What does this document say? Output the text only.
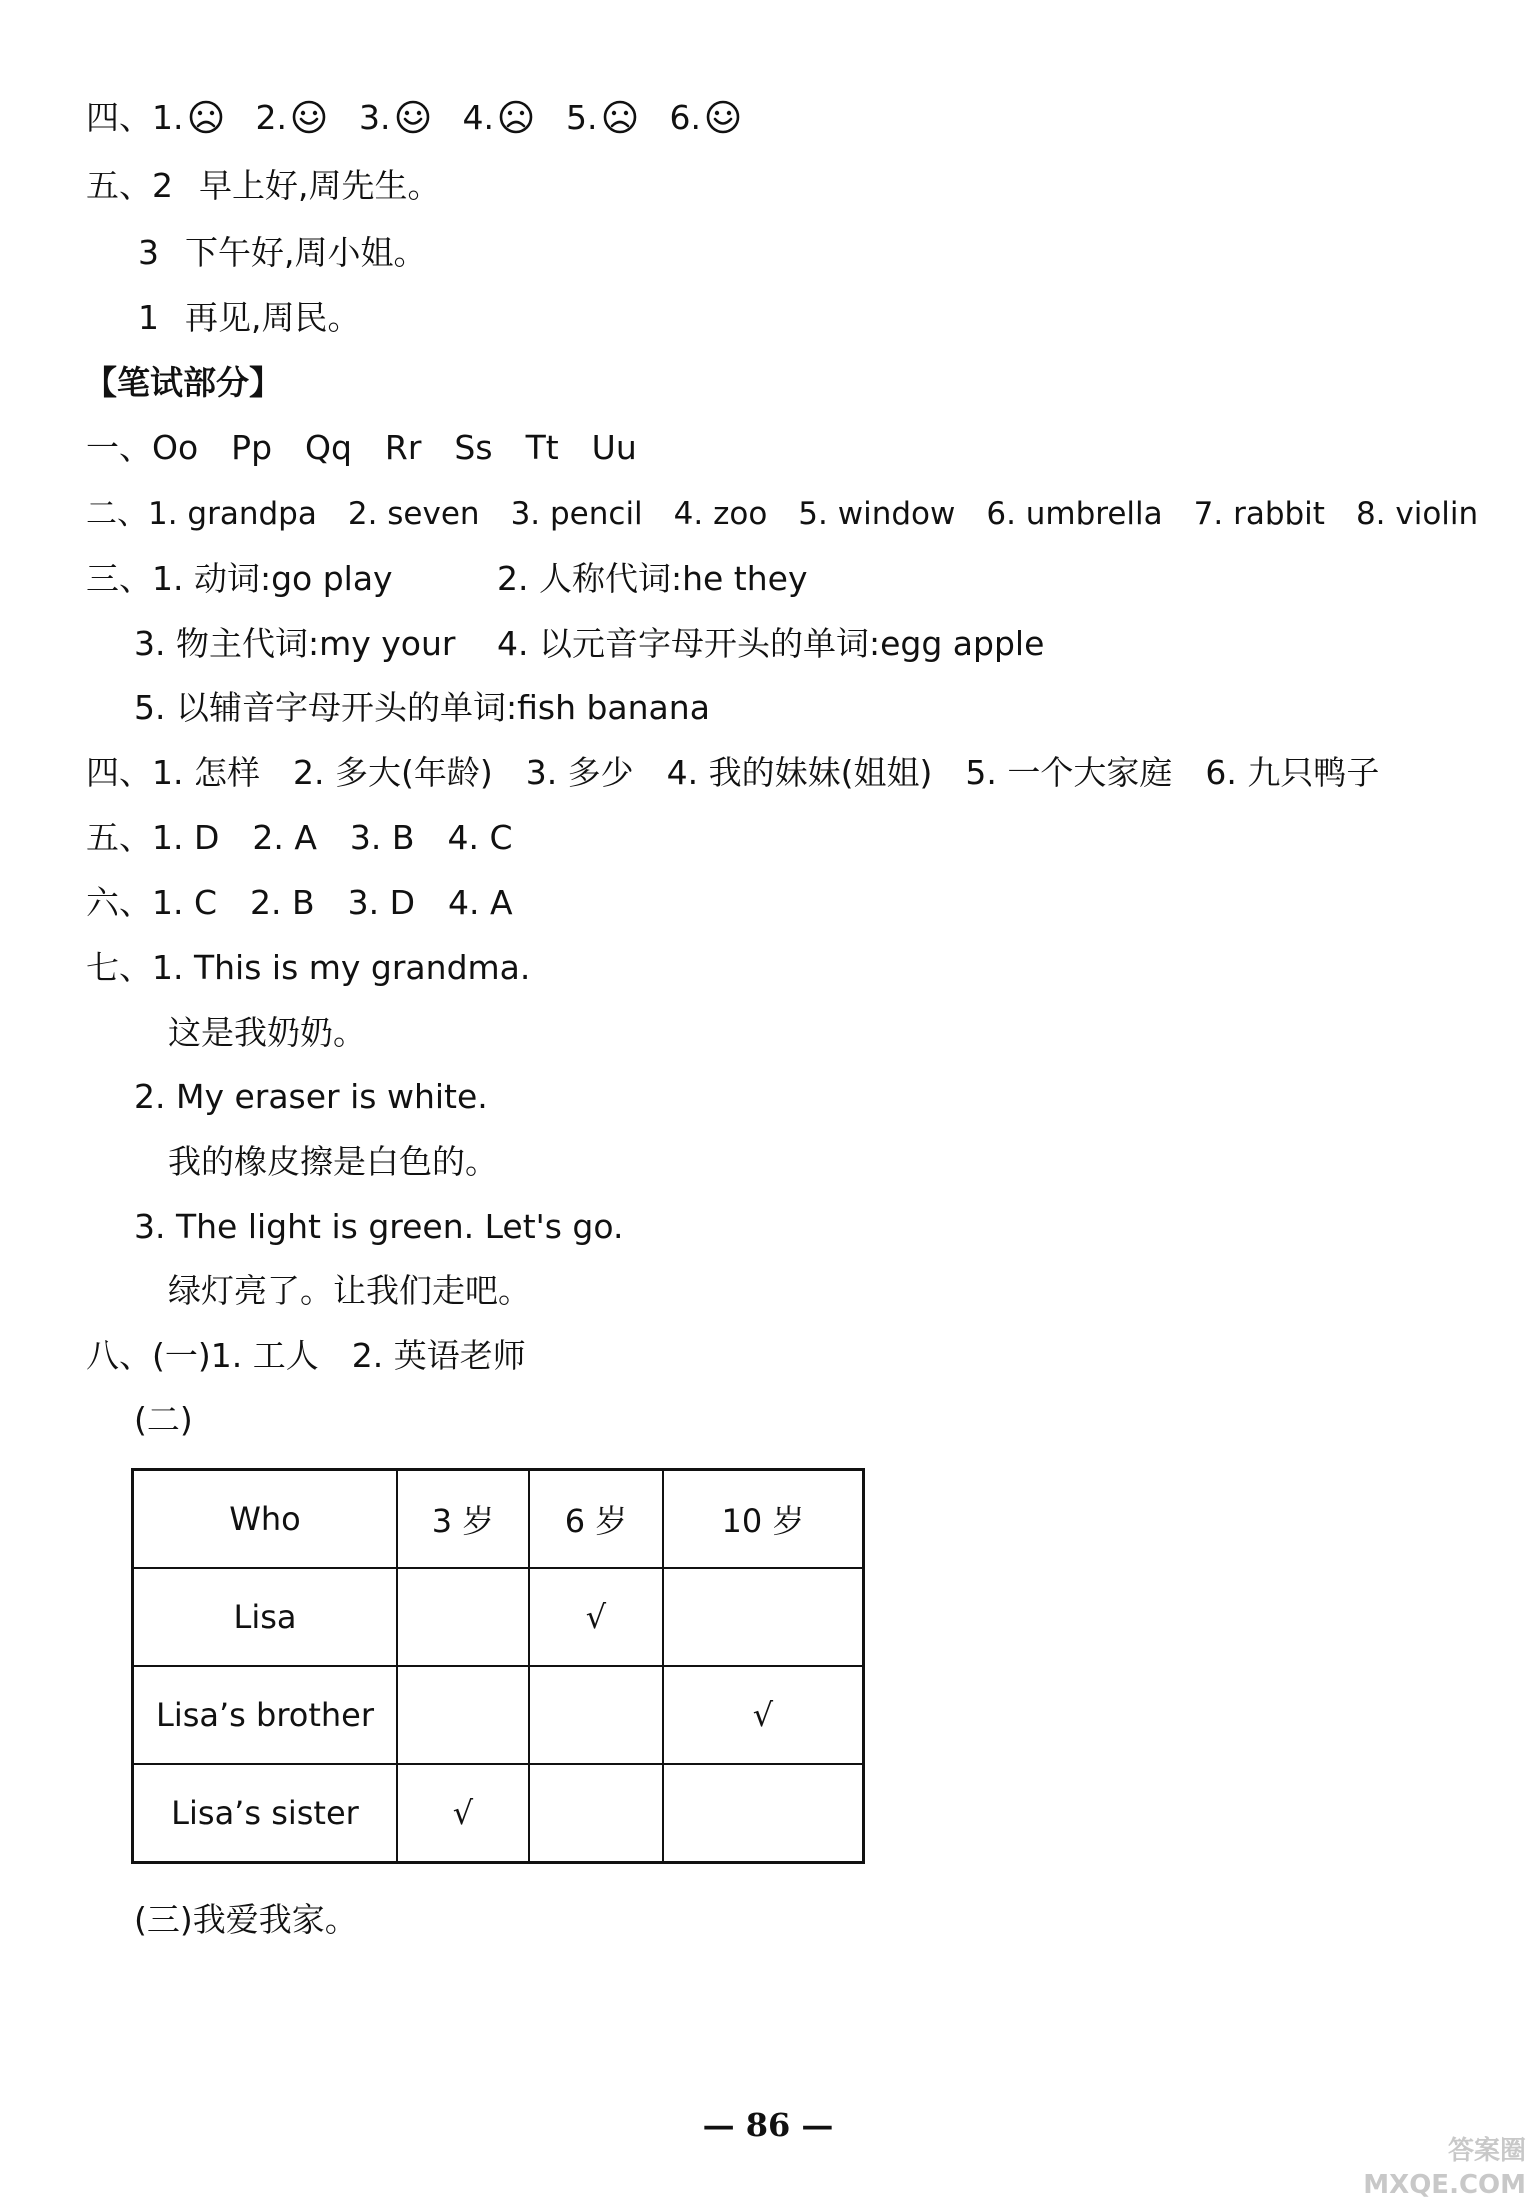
四、1. 2. 3. 4. 5. 6.
五、2 早上好,周先生。
3 下午好,周小姐。
1 再见,周民。
【笔试部分】
一、Oo　Pp　Qq　Rr　Ss　Tt　Uu
二、1. grandpa　2. seven　3. pencil　4. zoo　5. window　6. umbrella　7. rabbit　8. violin
三、1. 动词:go play	2. 人称代词:he they
3. 物主代词:my your 4. 以元音字母开头的单词:egg apple
5. 以辅音字母开头的单词:fish banana
四、1. 怎样　2. 多大(年龄)　3. 多少　4. 我的妹妹(姐姐)　5. 一个大家庭　6. 九只鸭子
五、1. D　2. A　3. B　4. C
六、1. C　2. B　3. D　4. A
七、1. This is my grandma.
这是我奶奶。
2. My eraser is white.
我的橡皮擦是白色的。
3. The light is green. Let's go.
绿灯亮了。让我们走吧。
八、(一)1. 工人　2. 英语老师
(二)
Who	3 岁	6 岁	10 岁
Lisa		√	
Lisa’s brother			√
Lisa’s sister	√		
(三)我爱我家。
— 86 —
答案圈
MXQE.COM
